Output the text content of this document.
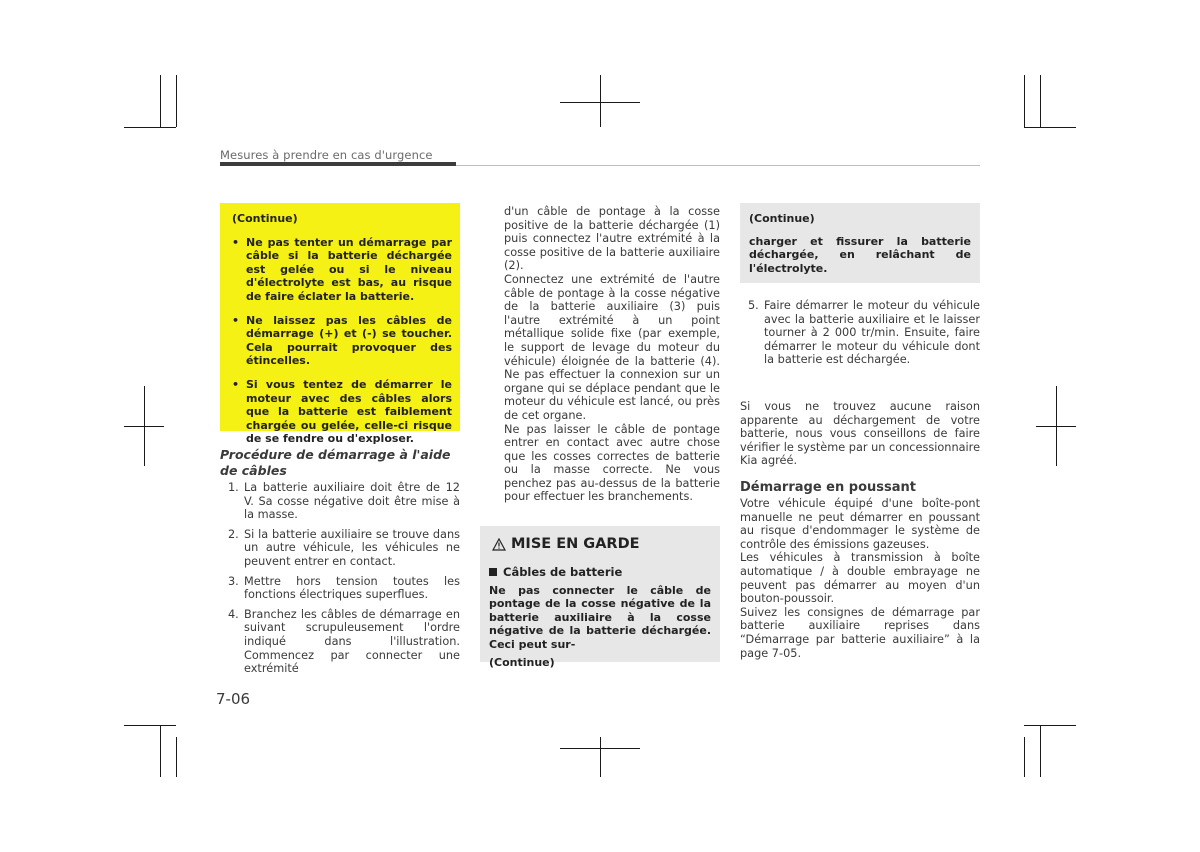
Mesures à prendre en cas d'urgence
(Continue)
• Ne pas tenter un démarrage par câble si la batterie déchargée est gelée ou si le niveau d'électrolyte est bas, au risque de faire éclater la batterie.
• Ne laissez pas les câbles de démarrage (+) et (-) se toucher. Cela pourrait provoquer des étincelles.
• Si vous tentez de démarrer le moteur avec des câbles alors que la batterie est faiblement chargée ou gelée, celle-ci risque de se fendre ou d'exploser.
Procédure de démarrage à l'aide de câbles
1. La batterie auxiliaire doit être de 12 V. Sa cosse négative doit être mise à la masse.
2. Si la batterie auxiliaire se trouve dans un autre véhicule, les véhicules ne peuvent entrer en contact.
3. Mettre hors tension toutes les fonctions électriques superflues.
4. Branchez les câbles de démarrage en suivant scrupuleusement l'ordre indiqué dans l'illustration. Commencez par connecter une extrémité
d'un câble de pontage à la cosse positive de la batterie déchargée (1) puis connectez l'autre extrémité à la cosse positive de la batterie auxiliaire (2).
Connectez une extrémité de l'autre câble de pontage à la cosse négative de la batterie auxiliaire (3) puis l'autre extrémité à un point métallique solide fixe (par exemple, le support de levage du moteur du véhicule) éloignée de la batterie (4). Ne pas effectuer la connexion sur un organe qui se déplace pendant que le moteur du véhicule est lancé, ou près de cet organe.
Ne pas laisser le câble de pontage entrer en contact avec autre chose que les cosses correctes de batterie ou la masse correcte. Ne vous penchez pas au-dessus de la batterie pour effectuer les branchements.
MISE EN GARDE
Câbles de batterie
Ne pas connecter le câble de pontage de la cosse négative de la batterie auxiliaire à la cosse négative de la batterie déchargée. Ceci peut sur-
(Continue)
(Continue)
charger et fissurer la batterie déchargée, en relâchant de l'électrolyte.
5. Faire démarrer le moteur du véhicule avec la batterie auxiliaire et le laisser tourner à 2 000 tr/min. Ensuite, faire démarrer le moteur du véhicule dont la batterie est déchargée.
Si vous ne trouvez aucune raison apparente au déchargement de votre batterie, nous vous conseillons de faire vérifier le système par un concessionnaire Kia agréé.
Démarrage en poussant
Votre véhicule équipé d'une boîte-pont manuelle ne peut démarrer en poussant au risque d'endommager le système de contrôle des émissions gazeuses.
Les véhicules à transmission à boîte automatique / à double embrayage ne peuvent pas démarrer au moyen d'un bouton-poussoir.
Suivez les consignes de démarrage par batterie auxiliaire reprises dans “Démarrage par batterie auxiliaire” à la page 7-05.
7-06
